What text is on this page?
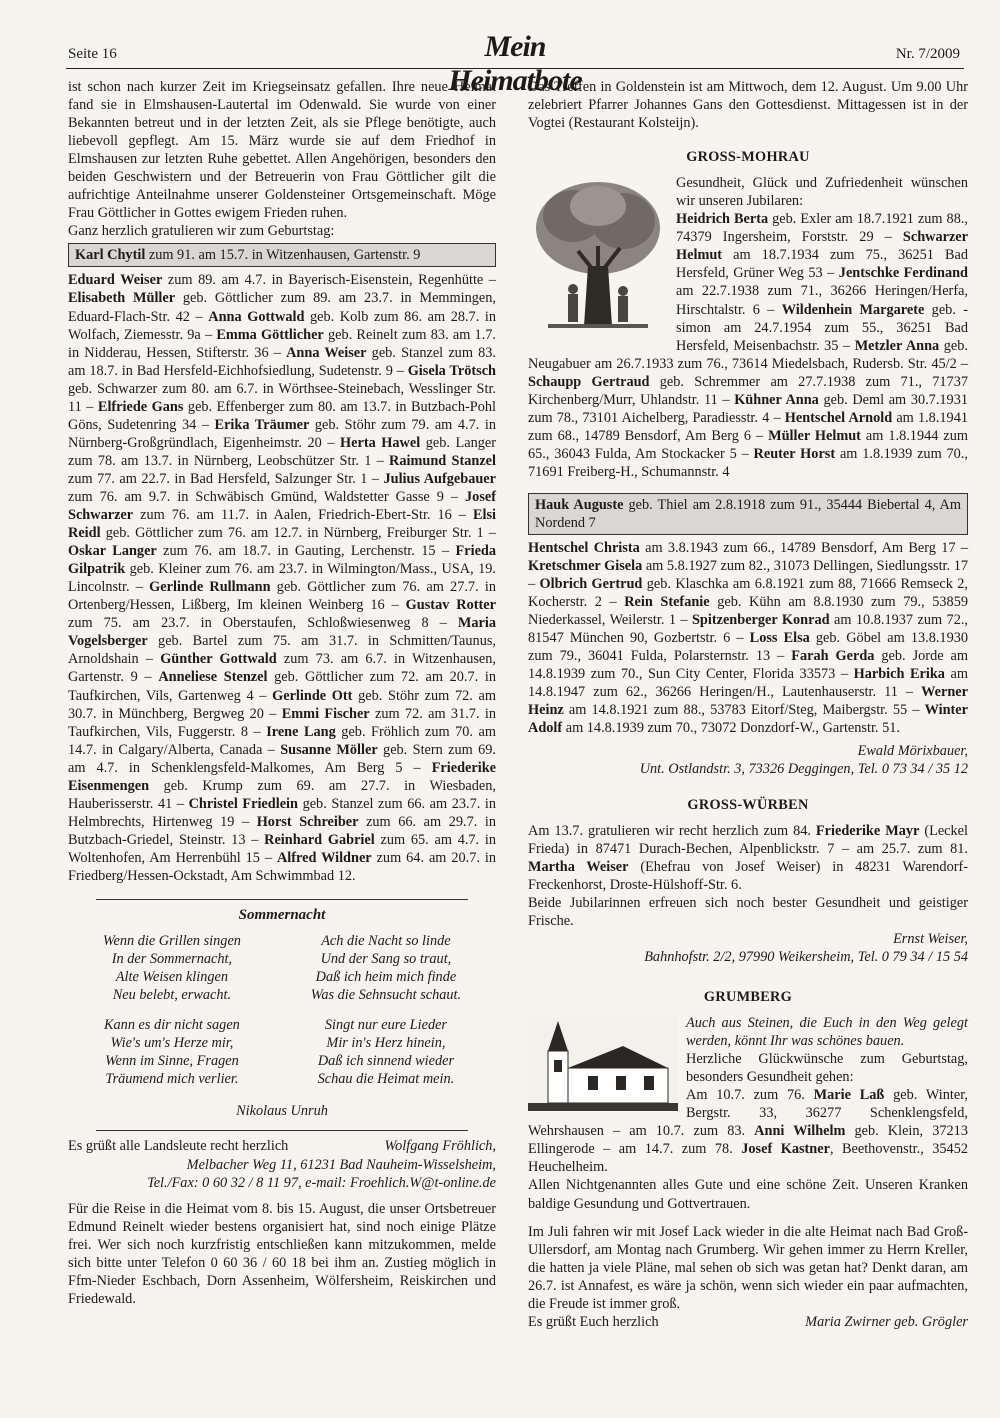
Seite 16	Mein Heimatbote
Nr. 7/2009

ist schon nach kurzer Zeit im Kriegseinsatz gefallen. Ihre neue Heimat fand sie in Elmshausen-Lautertal im Odenwald. Sie wurde von einer Bekannten betreut und in der letzten Zeit, als sie Pflege benötigte, auch liebevoll gepflegt. Am 15. März wurde sie auf dem Friedhof in Elmshausen zur letzten Ruhe gebettet. Allen Angehörigen, besonders den beiden Geschwistern und der Betreuerin von Frau Göttlicher gilt die aufrichtige Anteilnahme unserer Goldensteiner Ortsgemeinschaft. Möge Frau Göttlicher in Gottes ewigem Frieden ruhen.

Ganz herzlich gratulieren wir zum Geburtstag:

Karl Chytil zum 91. am 15.7. in Witzenhausen, Gartenstr. 9

Eduard Weiser zum 89. am 4.7. in Bayerisch-Eisenstein, Regenhütte – Elisabeth Müller geb. Göttlicher zum 89. am 23.7. in Memmingen, Eduard-Flach-Str. 42 – Anna Gottwald geb. Kolb zum 86. am 28.7. in Wolfach, Ziemesstr. 9a – Emma Göttlicher geb. Reinelt zum 83. am 1.7. in Nidderau, Hessen, Stifterstr. 36 – Anna Weiser geb. Stanzel zum 83. am 18.7. in Bad Hersfeld-Eichhofsiedlung, Sudetenstr. 9 – Gisela Trötsch geb. Schwarzer zum 80. am 6.7. in Wörthsee-Steinebach, Wesslinger Str. 11 – Elfriede Gans geb. Effenberger zum 80. am 13.7. in Butzbach-Pohl Göns, Sudetenring 34 – Erika Träumer geb. Stöhr zum 79. am 4.7. in Nürnberg-Großgründlach, Eigenheimstr. 20 – Herta Hawel geb. Langer zum 78. am 13.7. in Nürnberg, Leobschützer Str. 1 – Raimund Stanzel zum 77. am 22.7. in Bad Hersfeld, Salzunger Str. 1 – Julius Aufgebauer zum 76. am 9.7. in Schwäbisch Gmünd, Waldstetter Gasse 9 – Josef Schwarzer zum 76. am 11.7. in Aalen, Friedrich-Ebert-Str. 16 – Elsi Reidl geb. Göttlicher zum 76. am 12.7. in Nürnberg, Freiburger Str. 1 – Oskar Langer zum 76. am 18.7. in Gauting, Lerchenstr. 15 – Frieda Gilpatrik geb. Kleiner zum 76. am 23.7. in Wilmington/Mass., USA, 19. Lincolnstr. – Gerlinde Rullmann geb. Göttlicher zum 76. am 27.7. in Ortenberg/Hessen, Lißberg, Im kleinen Weinberg 16 – Gustav Rotter zum 75. am 23.7. in Oberstaufen, Schloßwiesenweg 8 – Maria Vogelsberger geb. Bartel zum 75. am 31.7. in Schmitten/Taunus, Arnoldshain – Günther Gottwald zum 73. am 6.7. in Witzenhausen, Gartenstr. 9 – Anneliese Stenzel geb. Göttlicher zum 72. am 20.7. in Taufkirchen, Vils, Gartenweg 4 – Gerlinde Ott geb. Stöhr zum 72. am 30.7. in Münchberg, Bergweg 20 – Emmi Fischer zum 72. am 31.7. in Taufkirchen, Vils, Fuggerstr. 8 – Irene Lang geb. Fröhlich zum 70. am 14.7. in Calgary/Alberta, Canada – Susanne Möller geb. Stern zum 69. am 4.7. in Schenklengsfeld-Malkomes, Am Berg 5 – Friederike Eisenmengen geb. Krump zum 69. am 27.7. in Wiesbaden, Hauberisserstr. 41 – Christel Friedlein geb. Stanzel zum 66. am 23.7. in Helmbrechts, Hirtenweg 19 – Horst Schreiber zum 66. am 29.7. in Butzbach-Griedel, Steinstr. 13 – Reinhard Gabriel zum 65. am 4.7. in Woltenhofen, Am Herrenbühl 15 – Alfred Wildner zum 64. am 20.7. in Friedberg/Hessen-Ockstadt, Am Schwimmbad 12.

Sommernacht
Wenn die Grillen singen
In der Sommernacht,
Alte Weisen klingen
Neu belebt, erwacht.
Kann es dir nicht sagen
Wie's um's Herze mir,
Wenn im Sinne, Fragen
Träumend mich verlier.
Ach die Nacht so linde
Und der Sang so traut,
Daß ich heim mich finde
Was die Sehnsucht schaut.
Singt nur eure Lieder
Mir in's Herz hinein,
Daß ich sinnend wieder
Schau die Heimat mein.
Nikolaus Unruh
Es grüßt alle Landsleute recht herzlich	Wolfgang Fröhlich,
Melbacher Weg 11, 61231 Bad Nauheim-Wisselsheim,
Tel./Fax: 0 60 32 / 8 11 97, e-mail: Froehlich.W@t-online.de

Für die Reise in die Heimat vom 8. bis 15. August, die unser Ortsbetreuer Edmund Reinelt wieder bestens organisiert hat, sind noch einige Plätze frei. Wer sich noch kurzfristig entschließen kann mitzukommen, melde sich bitte unter Telefon 0 60 36 / 60 18 bei ihm an. Zustieg möglich in Ffm-Nieder Eschbach, Dorn Assenheim, Wölfersheim, Reiskirchen und Friedewald.

Das Treffen in Goldenstein ist am Mittwoch, dem 12. August. Um 9.00 Uhr zelebriert Pfarrer Johannes Gans den Gottesdienst. Mittagessen ist in der Vogtei (Restaurant Kolsteijn).

GROSS-MOHRAU

Gesundheit, Glück und Zufriedenheit wünschen wir unseren Jubilaren:

Heidrich Berta geb. Exler am 18.7.1921 zum 88., 74379 Ingersheim, Forststr. 29 – Schwarzer Helmut am 18.7.1934 zum 75., 36251 Bad Hersfeld, Grüner Weg 53 – Jentschke Ferdinand am 22.7.1938 zum 71., 36266 Heringen/Herfa, Hirschtalstr. 6 – Wildenhein Margarete geb. -simon am 24.7.1954 zum 55., 36251 Bad Hersfeld, Meisenbachstr. 35 – Metzler Anna geb. Neugabuer am 26.7.1933 zum 76., 73614 Miedelsbach, Rudersb. Str. 45/2 – Schaupp Gertraud geb. Schremmer am 27.7.1938 zum 71., 71737 Kirchenberg/Murr, Uhlandstr. 11 – Kühner Anna geb. Deml am 30.7.1931 zum 78., 73101 Aichelberg, Paradiesstr. 4 – Hentschel Arnold am 1.8.1941 zum 68., 14789 Bensdorf, Am Berg 6 – Müller Helmut am 1.8.1944 zum 65., 36043 Fulda, Am Stockacker 5 – Reuter Horst am 1.8.1939 zum 70., 71691 Freiberg-H., Schumannstr. 4

Hauk Auguste geb. Thiel am 2.8.1918 zum 91., 35444 Biebertal 4, Am Nordend 7

Hentschel Christa am 3.8.1943 zum 66., 14789 Bensdorf, Am Berg 17 – Kretschmer Gisela am 5.8.1927 zum 82., 31073 Dellingen, Siedlungsstr. 17 – Olbrich Gertrud geb. Klaschka am 6.8.1921 zum 88, 71666 Remseck 2, Kocherstr. 2 – Rein Stefanie geb. Kühn am 8.8.1930 zum 79., 53859 Niederkassel, Weilerstr. 1 – Spitzenberger Konrad am 10.8.1937 zum 72., 81547 München 90, Gozbertstr. 6 – Loss Elsa geb. Göbel am 13.8.1930 zum 79., 36041 Fulda, Polarsternstr. 13 – Farah Gerda geb. Jorde am 14.8.1939 zum 70., Sun City Center, Florida 33573 – Harbich Erika am 14.8.1947 zum 62., 36266 Heringen/H., Lautenhauserstr. 11 – Werner Heinz am 14.8.1921 zum 88., 53783 Eitorf/Steg, Maibergstr. 55 – Winter Adolf am 14.8.1939 zum 70., 73072 Donzdorf-W., Gartenstr. 51.

Ewald Mörixbauer,
Unt. Ostlandstr. 3, 73326 Deggingen, Tel. 0 73 34 / 35 12
GROSS-WÜRBEN

Am 13.7. gratulieren wir recht herzlich zum 84. Friederike Mayr (Leckel Frieda) in 87471 Durach-Bechen, Alpenblickstr. 7 – am 25.7. zum 81. Martha Weiser (Ehefrau von Josef Weiser) in 48231 Warendorf-Freckenhorst, Droste-Hülshoff-Str. 6.

Beide Jubilarinnen erfreuen sich noch bester Gesundheit und geistiger Frische.

Ernst Weiser,
Bahnhofstr. 2/2, 97990 Weikersheim, Tel. 0 79 34 / 15 54
GRUMBERG

Auch aus Steinen, die Euch in den Weg gelegt werden, könnt Ihr was schönes bauen.

Herzliche Glückwünsche zum Geburtstag, besonders Gesundheit gehen:

Am 10.7. zum 76. Marie Laß geb. Winter, Bergstr. 33, 36277 Schenklengsfeld, Wehrshausen – am 10.7. zum 83. Anni Wilhelm geb. Klein, 37213 Ellingerode – am 14.7. zum 78. Josef Kastner, Beethovenstr., 35452 Heuchelheim.

Allen Nichtgenannten alles Gute und eine schöne Zeit. Unseren Kranken baldige Gesundung und Gottvertrauen.

Im Juli fahren wir mit Josef Lack wieder in die alte Heimat nach Bad Groß-Ullersdorf, am Montag nach Grumberg. Wir gehen immer zu Herrn Kreller, die hatten ja viele Pläne, mal sehen ob sich was getan hat? Denkt daran, am 26.7. ist Annafest, es wäre ja schön, wenn sich wieder ein paar aufmachten, die Freude ist immer groß.

Es grüßt Euch herzlich	Maria Zwirner geb. Grögler
